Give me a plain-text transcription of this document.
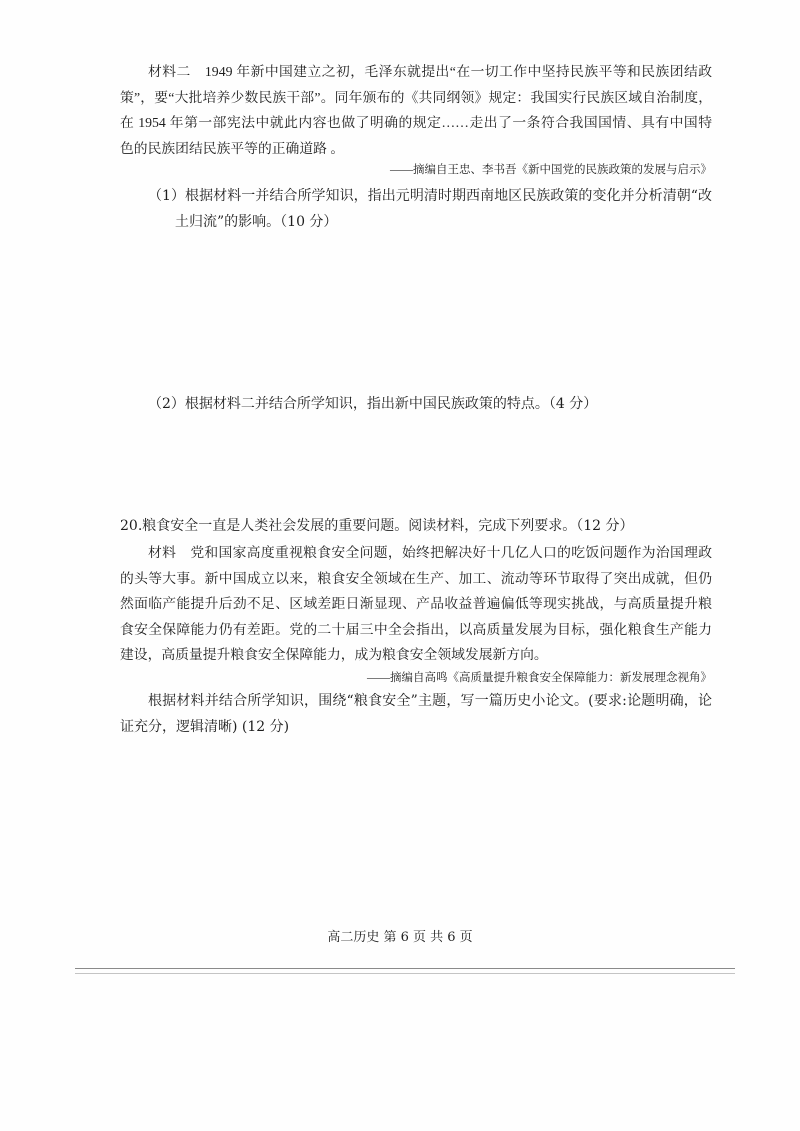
材料二　1949 年新中国建立之初，毛泽东就提出“在一切工作中坚持民族平等和民族团结政
策”，要“大批培养少数民族干部”。同年颁布的《共同纲领》规定：我国实行民族区域自治制度，
在 1954 年第一部宪法中就此内容也做了明确的规定……走出了一条符合我国国情、具有中国特
色的民族团结民族平等的正确道路 。
——摘编自王忠、李书吾《新中国党的民族政策的发展与启示》
（1）根据材料一并结合所学知识，指出元明清时期西南地区民族政策的变化并分析清朝“改
土归流”的影响。（10 分）
（2）根据材料二并结合所学知识，指出新中国民族政策的特点。（4 分）
20.粮食安全一直是人类社会发展的重要问题。阅读材料，完成下列要求。（12 分）
材料　党和国家高度重视粮食安全问题，始终把解决好十几亿人口的吃饭问题作为治国理政
的头等大事。新中国成立以来，粮食安全领域在生产、加工、流动等环节取得了突出成就，但仍
然面临产能提升后劲不足、区域差距日渐显现、产品收益普遍偏低等现实挑战，与高质量提升粮
食安全保障能力仍有差距。党的二十届三中全会指出，以高质量发展为目标，强化粮食生产能力
建设，高质量提升粮食安全保障能力，成为粮食安全领域发展新方向。
——摘编自高鸣《高质量提升粮食安全保障能力：新发展理念视角》
根据材料并结合所学知识，围绕“粮食安全”主题，写一篇历史小论文。(要求:论题明确，论
证充分，逻辑清晰) (12 分)
高二历史 第 6 页 共 6 页
